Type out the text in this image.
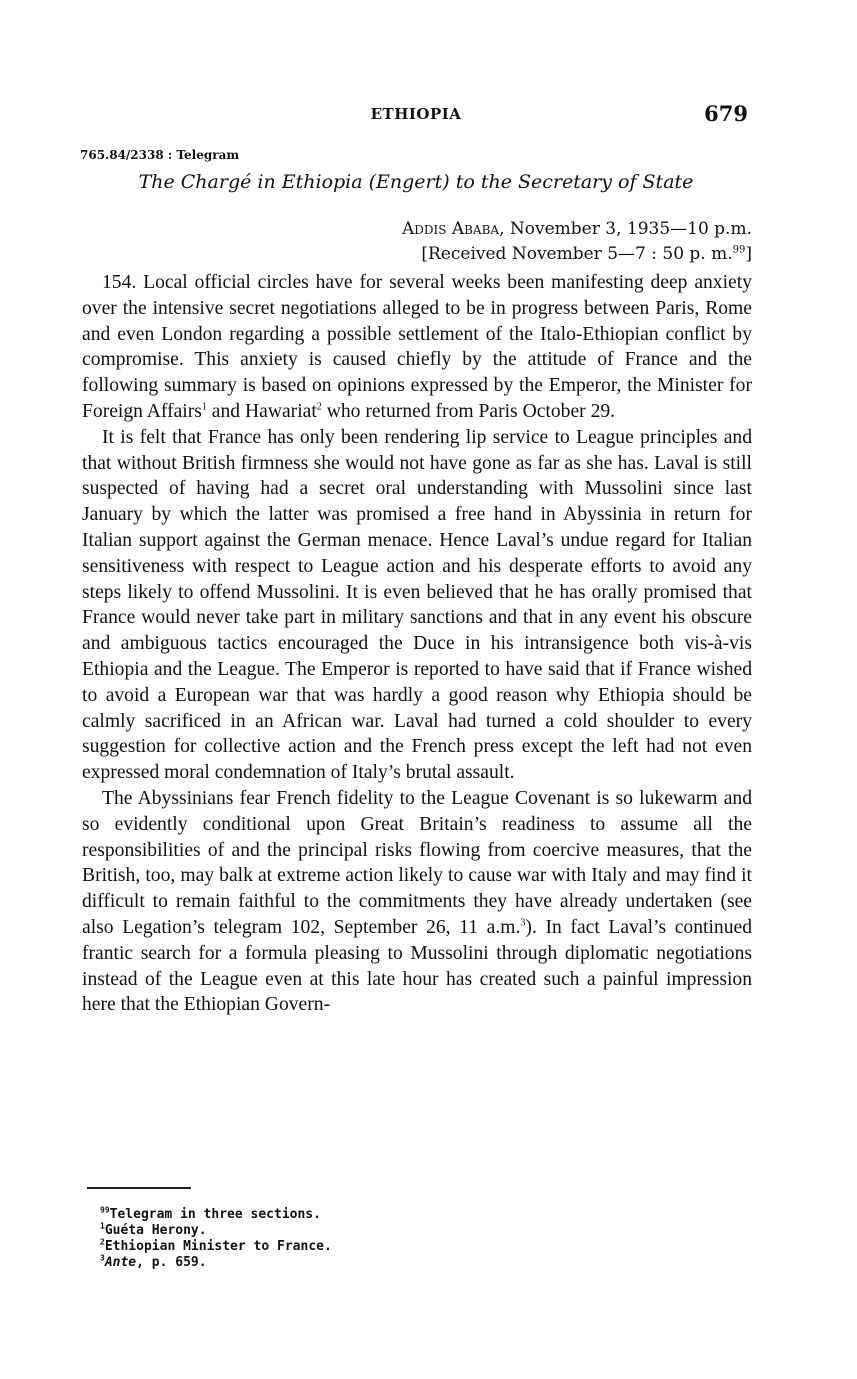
ETHIOPIA	679
765.84/2338 : Telegram
The Chargé in Ethiopia (Engert) to the Secretary of State
Addis Ababa, November 3, 1935—10 p.m.
[Received November 5—7 : 50 p. m.$^{99}$]

154. Local official circles have for several weeks been manifesting deep anxiety over the intensive secret negotiations alleged to be in progress between Paris, Rome and even London regarding a possible settlement of the Italo-Ethiopian conflict by compromise. This anxiety is caused chiefly by the attitude of France and the following summary is based on opinions expressed by the Emperor, the Minister for Foreign Affairs$^1$ and Hawariat$^2$ who returned from Paris October 29.

It is felt that France has only been rendering lip service to League principles and that without British firmness she would not have gone as far as she has. Laval is still suspected of having had a secret oral understanding with Mussolini since last January by which the latter was promised a free hand in Abyssinia in return for Italian support against the German menace. Hence Laval’s undue regard for Italian sensitiveness with respect to League action and his desperate efforts to avoid any steps likely to offend Mussolini. It is even believed that he has orally promised that France would never take part in military sanctions and that in any event his obscure and ambiguous tactics encouraged the Duce in his intransigence both vis-à-vis Ethiopia and the League. The Emperor is reported to have said that if France wished to avoid a European war that was hardly a good reason why Ethiopia should be calmly sacrificed in an African war. Laval had turned a cold shoulder to every suggestion for collective action and the French press except the left had not even expressed moral condemnation of Italy’s brutal assault.

The Abyssinians fear French fidelity to the League Covenant is so lukewarm and so evidently conditional upon Great Britain’s readiness to assume all the responsibilities of and the principal risks flowing from coercive measures, that the British, too, may balk at extreme action likely to cause war with Italy and may find it difficult to remain faithful to the commitments they have already undertaken (see also Legation’s telegram 102, September 26, 11 a.m.$^3$). In fact Laval’s continued frantic search for a formula pleasing to Mussolini through diplomatic negotiations instead of the League even at this late hour has created such a painful impression here that the Ethiopian Govern-

$^{99}$Telegram in three sections.
$^1$Guéta Herony.
$^2$Ethiopian Minister to France.
$^3$Ante, p. 659.
